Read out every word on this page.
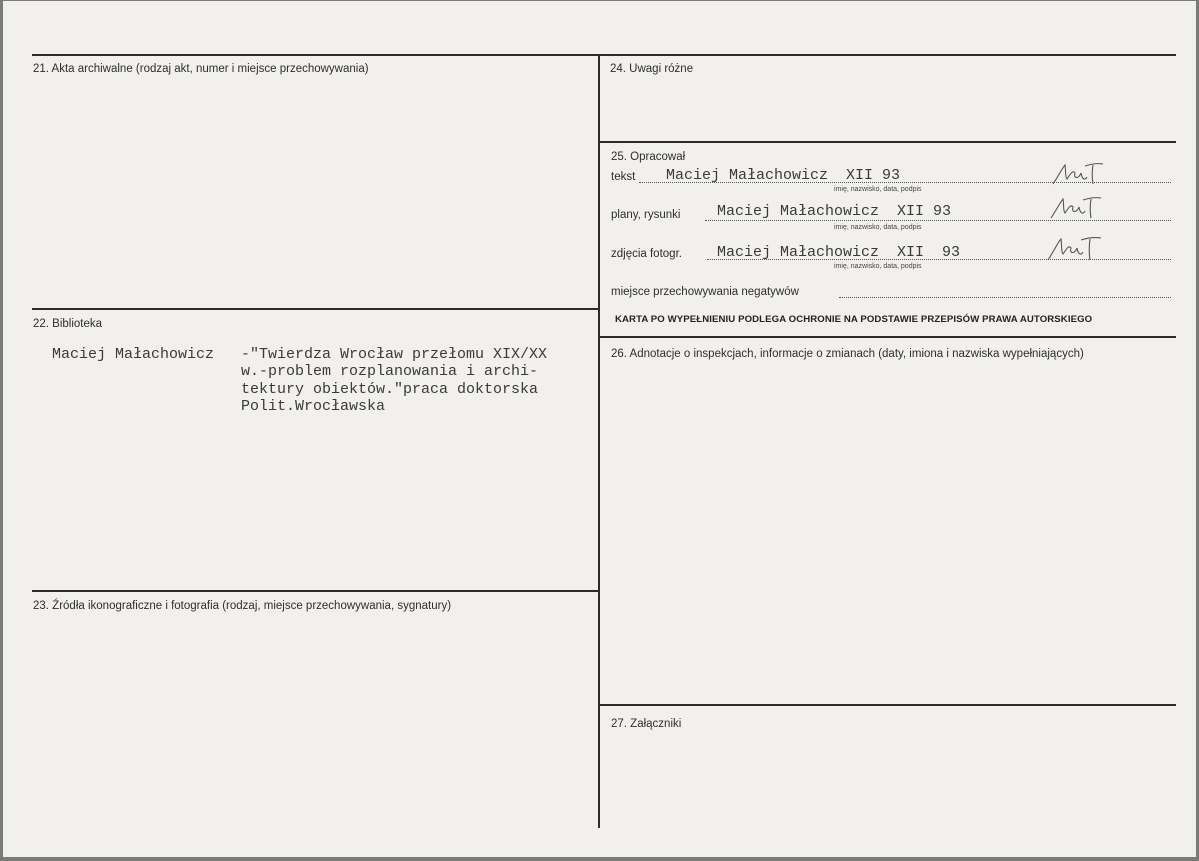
21. Akta archiwalne (rodzaj akt, numer i miejsce przechowywania)
22. Biblioteka
Maciej Małachowicz -"Twierdza Wrocław przełomu XIX/XX
w.-problem rozplanowania i archi-
tektury obiektów."praca doktorska
Polit.Wrocławska
23. Źródła ikonograficzne i fotografia (rodzaj, miejsce przechowywania, sygnatury)
24. Uwagi różne
25. Opracował
tekst Maciej Małachowicz  XII 93
imię, nazwisko, data, podpis
plany, rysunki Maciej Małachowicz  XII 93
imię, nazwisko, data, podpis
zdjęcia fotogr. Maciej Małachowicz  XII  93
imię, nazwisko, data, podpis
miejsce przechowywania negatywów
KARTA PO WYPEŁNIENIU PODLEGA OCHRONIE NA PODSTAWIE PRZEPISÓW PRAWA AUTORSKIEGO
26. Adnotacje o inspekcjach, informacje o zmianach (daty, imiona i nazwiska wypełniających)
27. Załączniki
